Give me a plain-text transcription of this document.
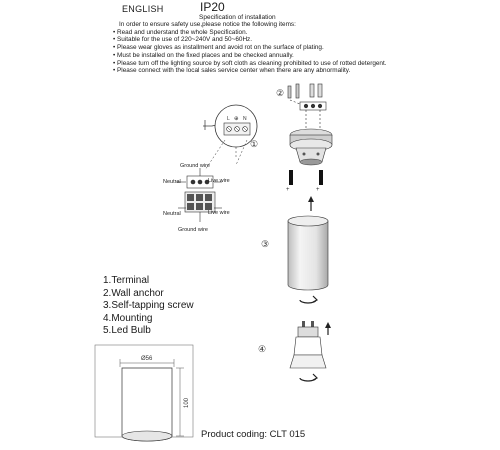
ENGLISH	IP20
Specification of installation
In order to ensure safety use,please notice the following items:
• Read and understand the whole Specification.
• Suitable for the use of 220~240V and 50~60Hz.
• Please wear gloves as installment and avoid rot on the surface of plating.
• Must be installed on the fixed places and be checked annually.
• Please turn off the lighting source by soft cloth as cleaning prohibited to use of rotted detergent.
• Please connect with the local sales service center when there are any abnormality.
L ⊕ N
①
Ground wire
Neutral	Live wire
Neutral	Live wire
Ground wire
②
+	+
③
④
Ø56
100
1.Terminal
2.Wall anchor
3.Self-tapping screw
4.Mounting
5.Led Bulb
Product coding: CLT 015
